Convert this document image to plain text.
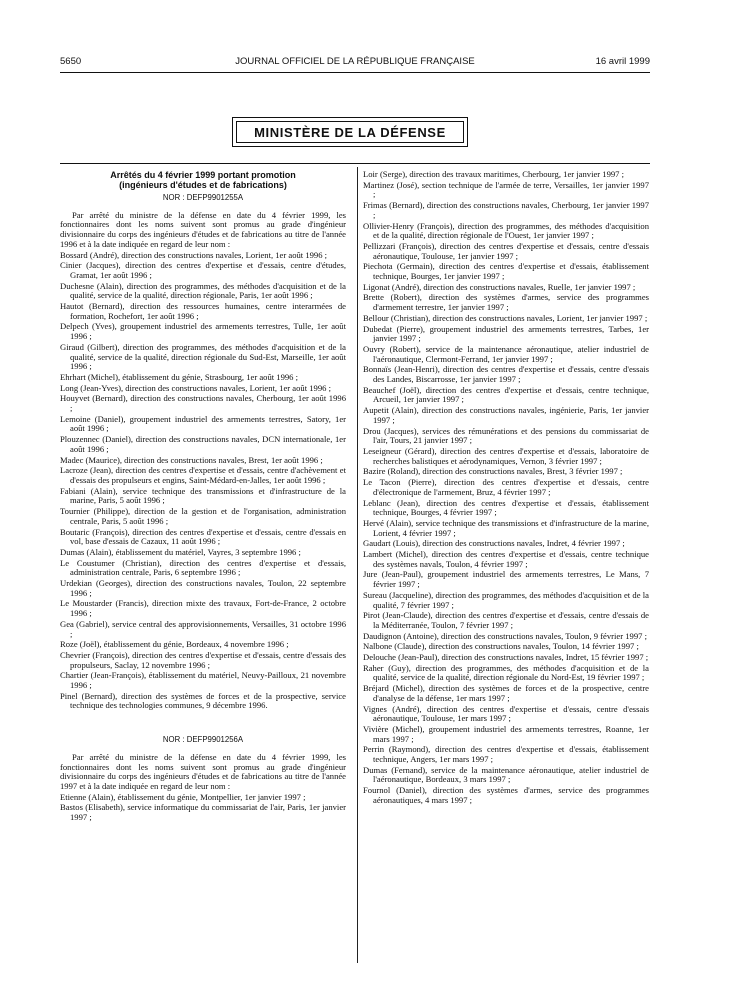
5650	JOURNAL OFFICIEL DE LA RÉPUBLIQUE FRANÇAISE	16 avril 1999
MINISTÈRE DE LA DÉFENSE
Arrêtés du 4 février 1999 portant promotion
(ingénieurs d'études et de fabrications)
NOR : DEFP9901255A

Par arrêté du ministre de la défense en date du 4 février 1999, les fonctionnaires dont les noms suivent sont promus au grade d'ingénieur divisionnaire du corps des ingénieurs d'études et de fabrications au titre de l'année 1996 et à la date indiquée en regard de leur nom :

Bossard (André), direction des constructions navales, Lorient, 1er août 1996 ;

Cinier (Jacques), direction des centres d'expertise et d'essais, centre d'études, Gramat, 1er août 1996 ;

Duchesne (Alain), direction des programmes, des méthodes d'acquisition et de la qualité, service de la qualité, direction régionale, Paris, 1er août 1996 ;

Hautot (Bernard), direction des ressources humaines, centre interarmées de formation, Rochefort, 1er août 1996 ;

Delpech (Yves), groupement industriel des armements terrestres, Tulle, 1er août 1996 ;

Giraud (Gilbert), direction des programmes, des méthodes d'acquisition et de la qualité, service de la qualité, direction régionale du Sud-Est, Marseille, 1er août 1996 ;

Ehrhart (Michel), établissement du génie, Strasbourg, 1er août 1996 ;

Long (Jean-Yves), direction des constructions navales, Lorient, 1er août 1996 ;

Houyvet (Bernard), direction des constructions navales, Cherbourg, 1er août 1996 ;

Lemoine (Daniel), groupement industriel des armements terrestres, Satory, 1er août 1996 ;

Plouzennec (Daniel), direction des constructions navales, DCN internationale, 1er août 1996 ;

Madec (Maurice), direction des constructions navales, Brest, 1er août 1996 ;

Lacroze (Jean), direction des centres d'expertise et d'essais, centre d'achèvement et d'essais des propulseurs et engins, Saint-Médard-en-Jalles, 1er août 1996 ;

Fabiani (Alain), service technique des transmissions et d'infrastructure de la marine, Paris, 5 août 1996 ;

Tournier (Philippe), direction de la gestion et de l'organisation, administration centrale, Paris, 5 août 1996 ;

Boutaric (François), direction des centres d'expertise et d'essais, centre d'essais en vol, base d'essais de Cazaux, 11 août 1996 ;

Dumas (Alain), établissement du matériel, Vayres, 3 septembre 1996 ;

Le Coustumer (Christian), direction des centres d'expertise et d'essais, administration centrale, Paris, 6 septembre 1996 ;

Urdekian (Georges), direction des constructions navales, Toulon, 22 septembre 1996 ;

Le Moustarder (Francis), direction mixte des travaux, Fort-de-France, 2 octobre 1996 ;

Gea (Gabriel), service central des approvisionnements, Versailles, 31 octobre 1996 ;

Roze (Joël), établissement du génie, Bordeaux, 4 novembre 1996 ;

Chevrier (François), direction des centres d'expertise et d'essais, centre d'essais des propulseurs, Saclay, 12 novembre 1996 ;

Chartier (Jean-François), établissement du matériel, Neuvy-Pailloux, 21 novembre 1996 ;

Pinel (Bernard), direction des systèmes de forces et de la prospective, service technique des technologies communes, 9 décembre 1996.

NOR : DEFP9901256A

Par arrêté du ministre de la défense en date du 4 février 1999, les fonctionnaires dont les noms suivent sont promus au grade d'ingénieur divisionnaire du corps des ingénieurs d'études et de fabrications au titre de l'année 1997 et à la date indiquée en regard de leur nom :

Etienne (Alain), établissement du génie, Montpellier, 1er janvier 1997 ;

Bastos (Elisabeth), service informatique du commissariat de l'air, Paris, 1er janvier 1997 ;

Loir (Serge), direction des travaux maritimes, Cherbourg, 1er janvier 1997 ;

Martinez (José), section technique de l'armée de terre, Versailles, 1er janvier 1997 ;

Frimas (Bernard), direction des constructions navales, Cherbourg, 1er janvier 1997 ;

Ollivier-Henry (François), direction des programmes, des méthodes d'acquisition et de la qualité, direction régionale de l'Ouest, 1er janvier 1997 ;

Pellizzari (François), direction des centres d'expertise et d'essais, centre d'essais aéronautique, Toulouse, 1er janvier 1997 ;

Piechota (Germain), direction des centres d'expertise et d'essais, établissement technique, Bourges, 1er janvier 1997 ;

Ligonat (André), direction des constructions navales, Ruelle, 1er janvier 1997 ;

Brette (Robert), direction des systèmes d'armes, service des programmes d'armement terrestre, 1er janvier 1997 ;

Bellour (Christian), direction des constructions navales, Lorient, 1er janvier 1997 ;

Dubedat (Pierre), groupement industriel des armements terrestres, Tarbes, 1er janvier 1997 ;

Ouvry (Robert), service de la maintenance aéronautique, atelier industriel de l'aéronautique, Clermont-Ferrand, 1er janvier 1997 ;

Bonnaïs (Jean-Henri), direction des centres d'expertise et d'essais, centre d'essais des Landes, Biscarrosse, 1er janvier 1997 ;

Beauchef (Joël), direction des centres d'expertise et d'essais, centre technique, Arcueil, 1er janvier 1997 ;

Aupetit (Alain), direction des constructions navales, ingénierie, Paris, 1er janvier 1997 ;

Drou (Jacques), services des rémunérations et des pensions du commissariat de l'air, Tours, 21 janvier 1997 ;

Leseigneur (Gérard), direction des centres d'expertise et d'essais, laboratoire de recherches balistiques et aérodynamiques, Vernon, 3 février 1997 ;

Bazire (Roland), direction des constructions navales, Brest, 3 février 1997 ;

Le Tacon (Pierre), direction des centres d'expertise et d'essais, centre d'électronique de l'armement, Bruz, 4 février 1997 ;

Leblanc (Jean), direction des centres d'expertise et d'essais, établissement technique, Bourges, 4 février 1997 ;

Hervé (Alain), service technique des transmissions et d'infrastructure de la marine, Lorient, 4 février 1997 ;

Gaudart (Louis), direction des constructions navales, Indret, 4 février 1997 ;

Lambert (Michel), direction des centres d'expertise et d'essais, centre technique des systèmes navals, Toulon, 4 février 1997 ;

Jure (Jean-Paul), groupement industriel des armements terrestres, Le Mans, 7 février 1997 ;

Sureau (Jacqueline), direction des programmes, des méthodes d'acquisition et de la qualité, 7 février 1997 ;

Pirot (Jean-Claude), direction des centres d'expertise et d'essais, centre d'essais de la Méditerranée, Toulon, 7 février 1997 ;

Daudignon (Antoine), direction des constructions navales, Toulon, 9 février 1997 ;

Nalbone (Claude), direction des constructions navales, Toulon, 14 février 1997 ;

Delouche (Jean-Paul), direction des constructions navales, Indret, 15 février 1997 ;

Raher (Guy), direction des programmes, des méthodes d'acquisition et de la qualité, service de la qualité, direction régionale du Nord-Est, 19 février 1997 ;

Bréjard (Michel), direction des systèmes de forces et de la prospective, centre d'analyse de la défense, 1er mars 1997 ;

Vignes (André), direction des centres d'expertise et d'essais, centre d'essais aéronautique, Toulouse, 1er mars 1997 ;

Vivière (Michel), groupement industriel des armements terrestres, Roanne, 1er mars 1997 ;

Perrin (Raymond), direction des centres d'expertise et d'essais, établissement technique, Angers, 1er mars 1997 ;

Dumas (Fernand), service de la maintenance aéronautique, atelier industriel de l'aéronautique, Bordeaux, 3 mars 1997 ;

Fournol (Daniel), direction des systèmes d'armes, service des programmes aéronautiques, 4 mars 1997 ;
